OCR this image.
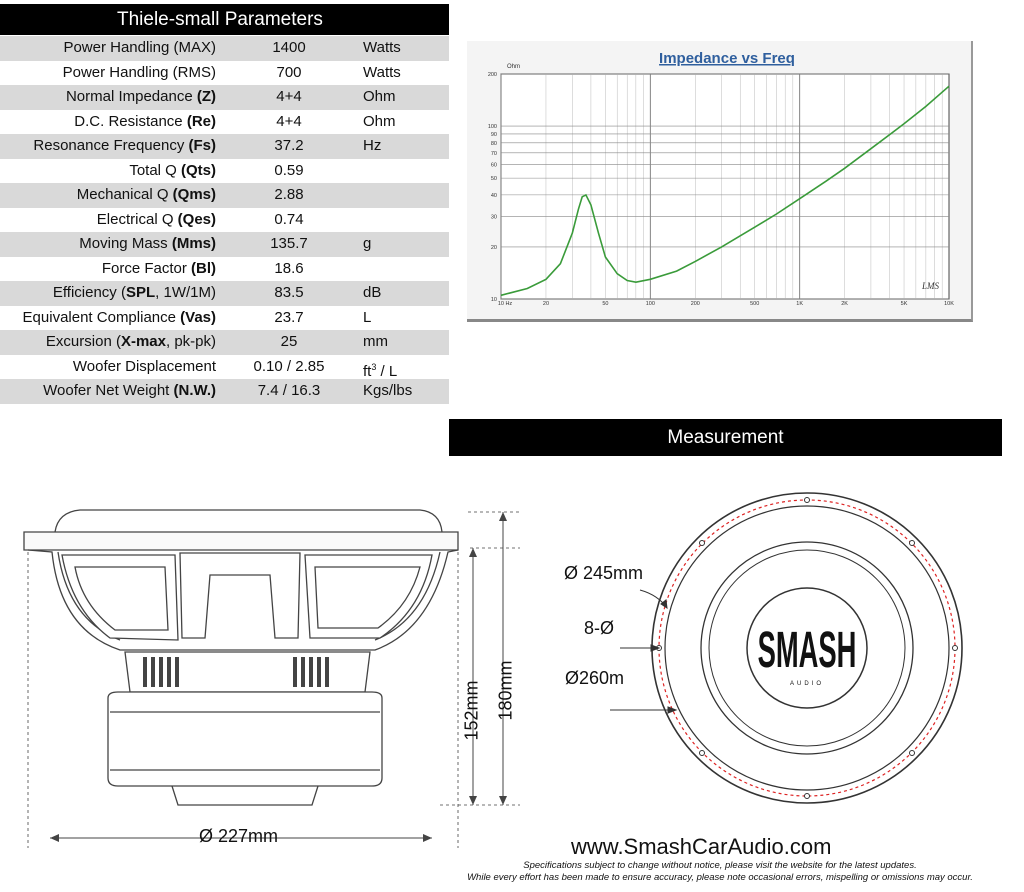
Thiele-small Parameters
Power Handling (MAX)	1400	Watts
Power Handling (RMS)	700	Watts
Normal Impedance (Z)	4+4	Ohm
D.C. Resistance (Re)	4+4	Ohm
Resonance Frequency (Fs)	37.2	Hz
Total Q (Qts)	0.59
Mechanical Q (Qms)	2.88
Electrical Q (Qes)	0.74
Moving Mass (Mms)	135.7	g
Force Factor (Bl)	18.6
Efficiency (SPL, 1W/1M)	83.5	dB
Equivalent Compliance (Vas)	23.7	L
Excursion (X-max, pk-pk)	25	mm
Woofer Displacement	0.10 / 2.85	$ft^3$ / L
Woofer Net Weight (N.W.)	7.4 / 16.3	Kgs/lbs
Impedance vs Freq
Ohm
10 Hz	20	50	100	200	500	1K	2K	5K	10K
200
100
90
80
70
60
50
40
30
20
10
LMS
Measurement
152mm 180mm
Ø 227mm
SMASH
AUDIO
Ø 245mm
8-Ø
Ø260m
www.SmashCarAudio.com
Specifications subject to change without notice, please visit the website for the latest updates.
While every effort has been made to ensure accuracy, please note occasional errors, mispelling or omissions may occur.
